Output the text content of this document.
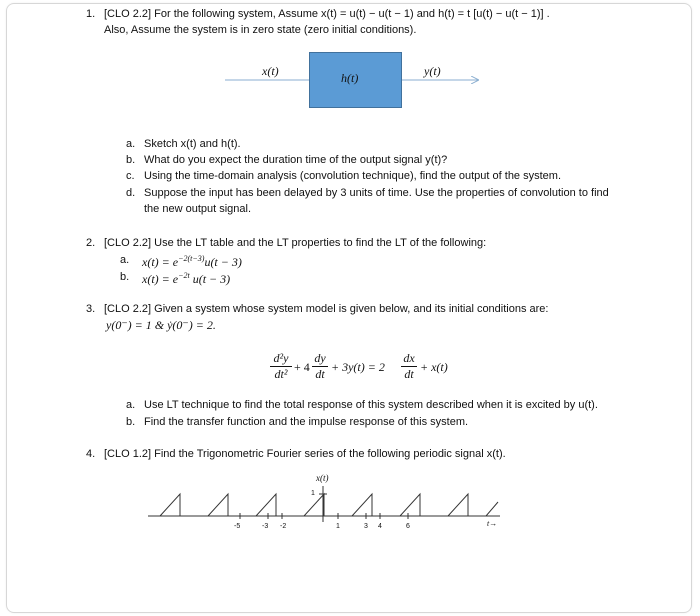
1. [CLO 2.2] For the following system, Assume x(t) = u(t) − u(t − 1) and h(t) = t [u(t) − u(t − 1)] .
Also, Assume the system is in zero state (zero initial conditions).
x(t)	h(t)	y(t)
a. Sketch x(t) and h(t).
b. What do you expect the duration time of the output signal y(t)?
c. Using the time-domain analysis (convolution technique), find the output of the system.
d. Suppose the input has been delayed by 3 units of time. Use the properties of convolution to find
the new output signal.
2. [CLO 2.2] Use the LT table and the LT properties to find the LT of the following:
a. $x(t) = e^{-2(t-3)}u(t - 3)$
b. $x(t) = e^{-2t}$ u(t − 3)
3. [CLO 2.2] Given a system whose system model is given below, and its initial conditions are:
y(0⁻) = 1 & ẏ(0⁻) = 2.
d²y
dt² + 4
dy
dt + 3y(t) = 2
dx
dt + x(t)
a. Use LT technique to find the total response of this system described when it is excited by u(t).
b. Find the transfer function and the impulse response of this system.
4. [CLO 1.2] Find the Trigonometric Fourier series of the following periodic signal x(t).
x(t)
1
-5	-3 -2	1	3 4	6	t→
